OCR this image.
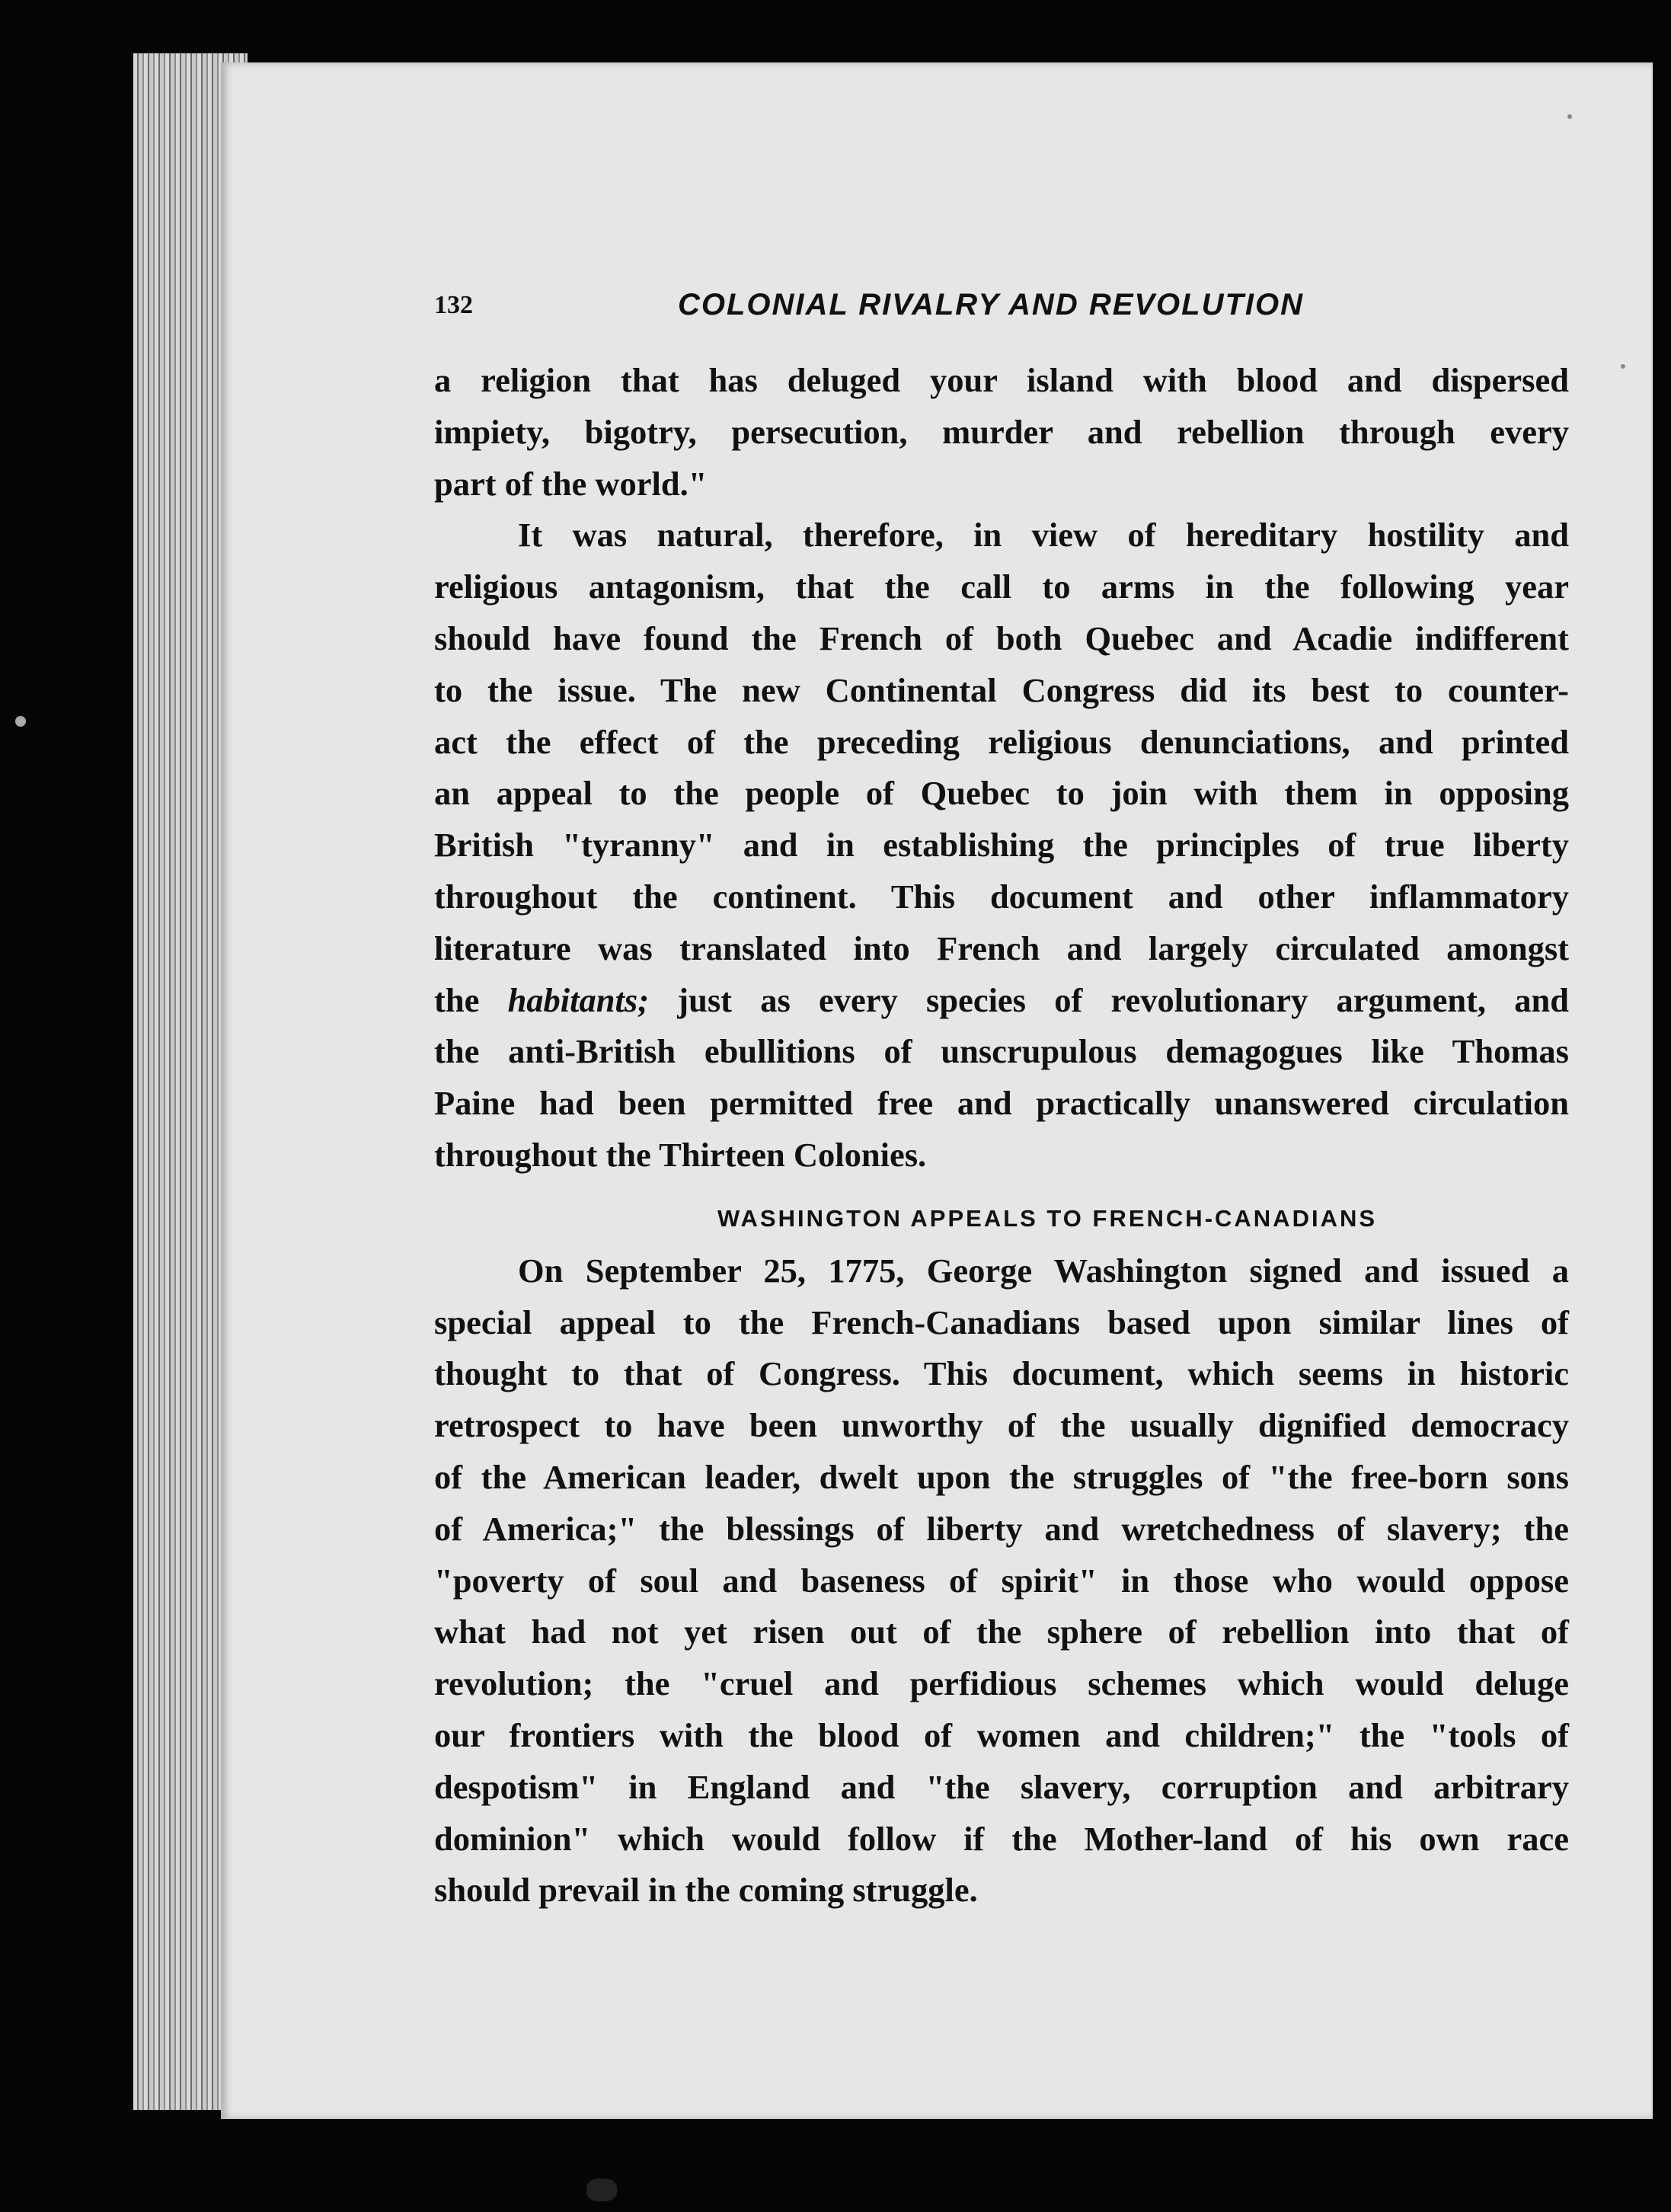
132	COLONIAL RIVALRY AND REVOLUTION
a religion that has deluged your island with blood and dispersed
impiety, bigotry, persecution, murder and rebellion through every
part of the world."
It was natural, therefore, in view of hereditary hostility and
religious antagonism, that the call to arms in the following year
should have found the French of both Quebec and Acadie indifferent
to the issue. The new Continental Congress did its best to counter-
act the effect of the preceding religious denunciations, and printed
an appeal to the people of Quebec to join with them in opposing
British "tyranny" and in establishing the principles of true liberty
throughout the continent. This document and other inflammatory
literature was translated into French and largely circulated amongst
the habitants; just as every species of revolutionary argument, and
the anti-British ebullitions of unscrupulous demagogues like Thomas
Paine had been permitted free and practically unanswered circulation
throughout the Thirteen Colonies.
WASHINGTON APPEALS TO FRENCH-CANADIANS
On September 25, 1775, George Washington signed and issued a
special appeal to the French-Canadians based upon similar lines of
thought to that of Congress. This document, which seems in historic
retrospect to have been unworthy of the usually dignified democracy
of the American leader, dwelt upon the struggles of "the free-born sons
of America;" the blessings of liberty and wretchedness of slavery; the
"poverty of soul and baseness of spirit" in those who would oppose
what had not yet risen out of the sphere of rebellion into that of
revolution; the "cruel and perfidious schemes which would deluge
our frontiers with the blood of women and children;" the "tools of
despotism" in England and "the slavery, corruption and arbitrary
dominion" which would follow if the Mother-land of his own race
should prevail in the coming struggle.
